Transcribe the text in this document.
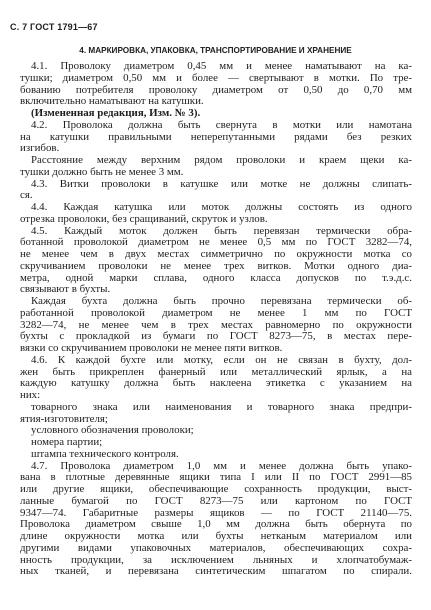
С. 7 ГОСТ 1791—67
4. МАРКИРОВКА, УПАКОВКА, ТРАНСПОРТИРОВАНИЕ И ХРАНЕНИЕ
4.1. Проволоку диаметром 0,45 мм и менее наматывают на ка-
тушки; диаметром 0,50 мм и более — свертывают в мотки. По тре-
бованию потребителя проволоку диаметром от 0,50 до 0,70 мм
включительно наматывают на катушки.
(Измененная редакция, Изм. № 3).
4.2. Проволока должна быть свернута в мотки или намотана
на катушки правильными неперепутанными рядами без резких
изгибов.
Расстояние между верхним рядом проволоки и краем щеки ка-
тушки должно быть не менее 3 мм.
4.3. Витки проволоки в катушке или мотке не должны слипать-
ся.
4.4. Каждая катушка или моток должны состоять из одного
отрезка проволоки, без сращиваний, скруток и узлов.
4.5. Каждый моток должен быть перевязан термически обра-
ботанной проволокой диаметром не менее 0,5 мм по ГОСТ 3282—74,
не менее чем в двух местах симметрично по окружности мотка со
скручиванием проволоки не менее трех витков. Мотки одного диа-
метра, одной марки сплава, одного класса допусков по т.э.д.с.
связывают в бухты.
Каждая бухта должна быть прочно перевязана термически об-
работанной проволокой диаметром не менее 1 мм по ГОСТ
3282—74, не менее чем в трех местах равномерно по окружности
бухты с прокладкой из бумаги по ГОСТ 8273—75, в местах пере-
вязки со скручиванием проволоки не менее пяти витков.
4.6. К каждой бухте или мотку, если он не связан в бухту, дол-
жен быть прикреплен фанерный или металлический ярлык, а на
каждую катушку должна быть наклеена этикетка с указанием на
них:
товарного знака или наименования и товарного знака предпри-
ятия-изготовителя;
условного обозначения проволоки;
номера партии;
штампа технического контроля.
4.7. Проволока диаметром 1,0 мм и менее должна быть упако-
вана в плотные деревянные ящики типа I или II по ГОСТ 2991—85
или другие ящики, обеспечивающие сохранность продукции, выст-
ланные бумагой по ГОСТ 8273—75 или картоном по ГОСТ
9347—74. Габаритные размеры ящиков — по ГОСТ 21140—75.
Проволока диаметром свыше 1,0 мм должна быть обернута по
длине окружности мотка или бухты нетканым материалом или
другими видами упаковочных материалов, обеспечивающих сохра-
нность продукции, за исключением льняных и хлопчатобумаж-
ных тканей, и перевязана синтетическим шпагатом по спирали.
